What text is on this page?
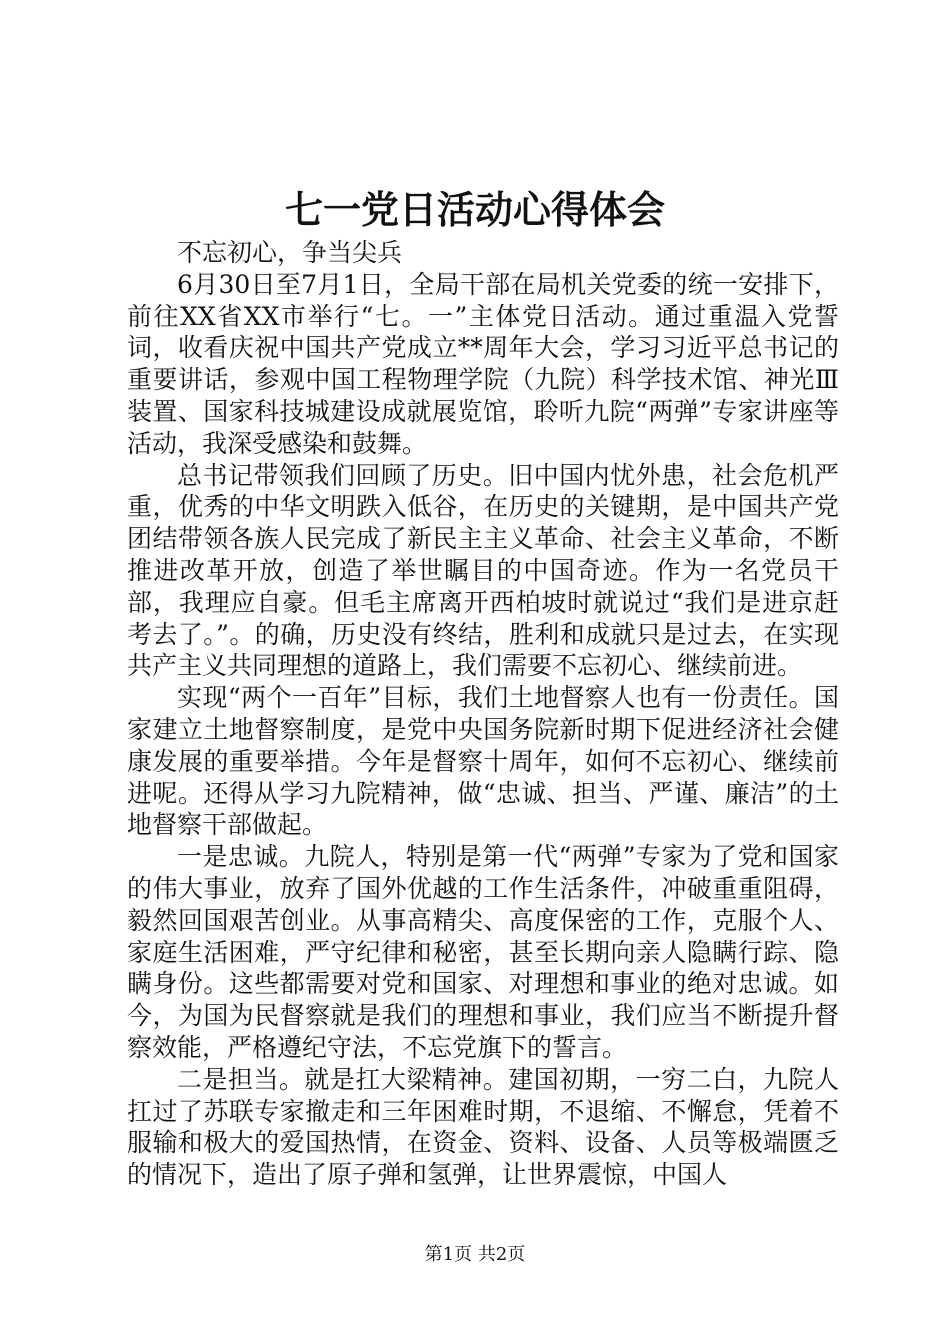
七一党日活动心得体会

不忘初心，争当尖兵

6月30日至7月1日，全局干部在局机关党委的统一安排下，前往XX省XX市举行“七。一”主体党日活动。通过重温入党誓词，收看庆祝中国共产党成立**周年大会，学习习近平总书记的重要讲话，参观中国工程物理学院（九院）科学技术馆、神光Ⅲ装置、国家科技城建设成就展览馆，聆听九院“两弹”专家讲座等活动，我深受感染和鼓舞。

总书记带领我们回顾了历史。旧中国内忧外患，社会危机严重，优秀的中华文明跌入低谷，在历史的关键期，是中国共产党团结带领各族人民完成了新民主主义革命、社会主义革命，不断推进改革开放，创造了举世瞩目的中国奇迹。作为一名党员干部，我理应自豪。但毛主席离开西柏坡时就说过“我们是进京赶考去了。”。的确，历史没有终结，胜利和成就只是过去，在实现共产主义共同理想的道路上，我们需要不忘初心、继续前进。

实现“两个一百年”目标，我们土地督察人也有一份责任。国家建立土地督察制度，是党中央国务院新时期下促进经济社会健康发展的重要举措。今年是督察十周年，如何不忘初心、继续前进呢。还得从学习九院精神，做“忠诚、担当、严谨、廉洁”的土地督察干部做起。

一是忠诚。九院人，特别是第一代“两弹”专家为了党和国家的伟大事业，放弃了国外优越的工作生活条件，冲破重重阻碍，毅然回国艰苦创业。从事高精尖、高度保密的工作，克服个人、家庭生活困难，严守纪律和秘密，甚至长期向亲人隐瞒行踪、隐瞒身份。这些都需要对党和国家、对理想和事业的绝对忠诚。如今，为国为民督察就是我们的理想和事业，我们应当不断提升督察效能，严格遵纪守法，不忘党旗下的誓言。

二是担当。就是扛大梁精神。建国初期，一穷二白，九院人扛过了苏联专家撤走和三年困难时期，不退缩、不懈怠，凭着不服输和极大的爱国热情，在资金、资料、设备、人员等极端匮乏的情况下，造出了原子弹和氢弹，让世界震惊，中国人

第1页 共2页
